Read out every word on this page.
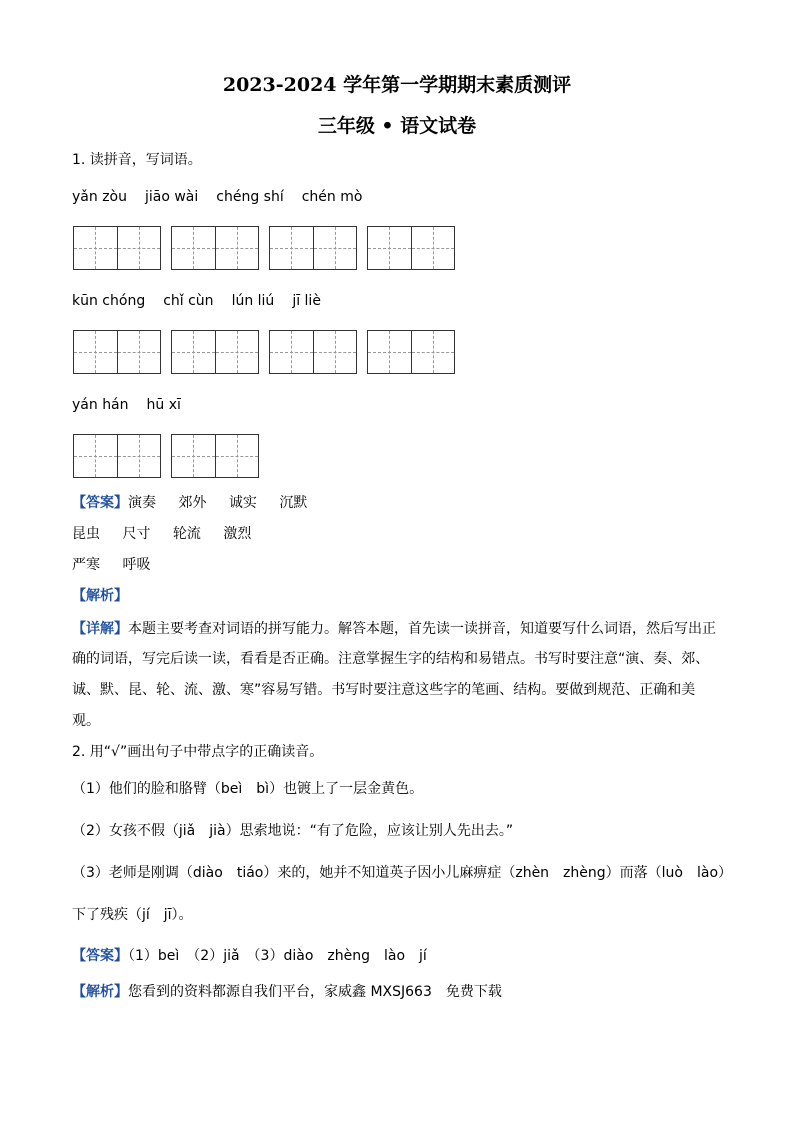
2023-2024 学年第一学期期末素质测评
三年级 • 语文试卷
1. 读拼音，写词语。
yǎn zòu jiāo wài chéng shí chén mò
kūn chóng chǐ cùn lún liú jī liè
yán hán hū xī
【答案】演奏 郊外 诚实 沉默
昆虫 尺寸 轮流 激烈
严寒 呼吸
【解析】
【详解】本题主要考查对词语的拼写能力。解答本题，首先读一读拼音，知道要写什么词语，然后写出正
确的词语，写完后读一读，看看是否正确。注意掌握生字的结构和易错点。书写时要注意“演、奏、郊、
诚、默、昆、轮、流、激、寒”容易写错。书写时要注意这些字的笔画、结构。要做到规范、正确和美
观。
2. 用“√”画出句子中带点字的正确读音。
（1）他们的脸和胳臂（beì　bì）也镀上了一层金黄色。
（2）女孩不假（jiǎ　jià）思索地说：“有了危险，应该让别人先出去。”
（3）老师是刚调（diào　tiáo）来的，她并不知道英子因小儿麻痹症（zhèn　zhèng）而落（luò　lào）
下了残疾（jí　jī）。
【答案】（1）beì　（2）jiǎ　（3）diào　zhèng　lào　jí
【解析】您看到的资料都源自我们平台，家威鑫 MXSJ663　免费下载
